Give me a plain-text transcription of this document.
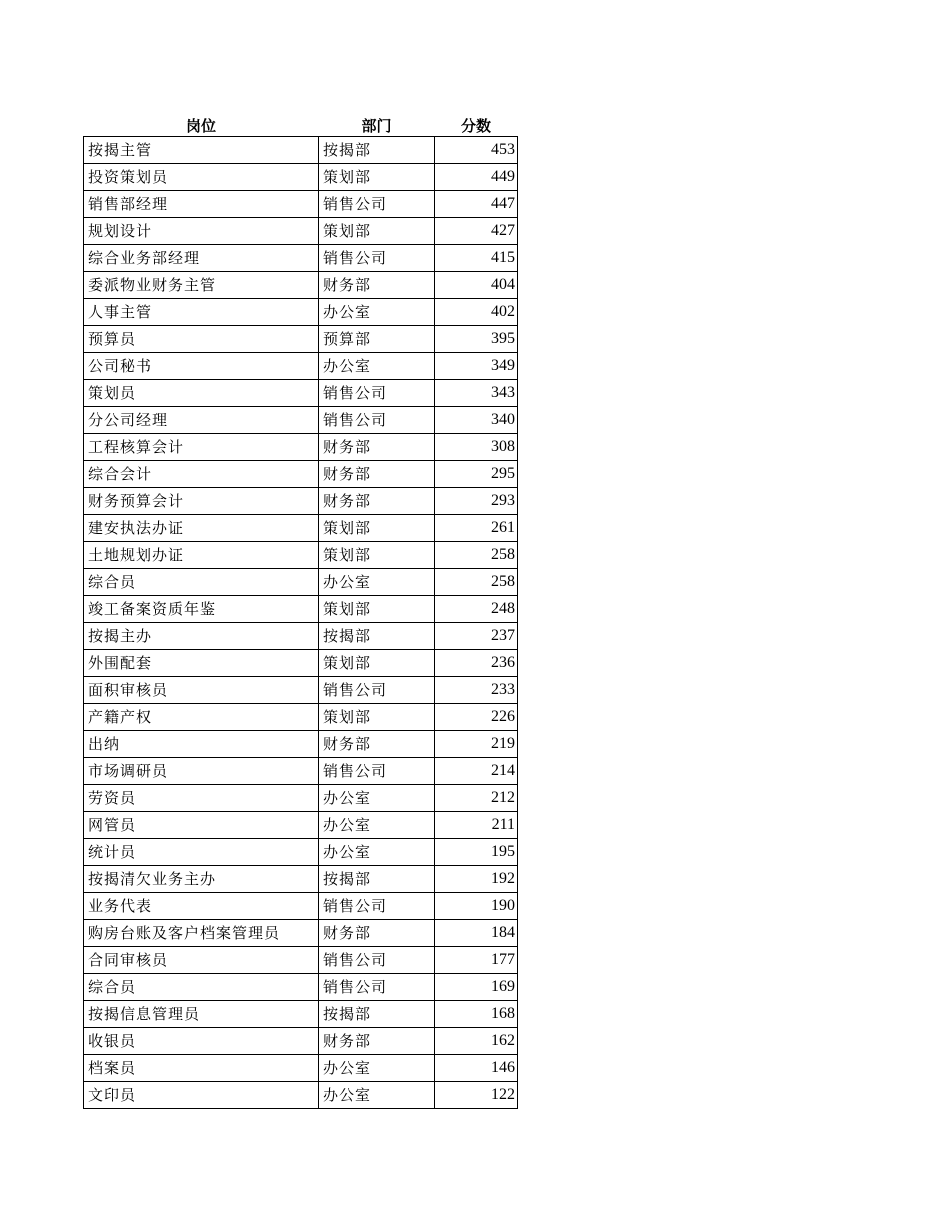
岗位	部门	分数
按揭主管	按揭部	453
投资策划员	策划部	449
销售部经理	销售公司	447
规划设计	策划部	427
综合业务部经理	销售公司	415
委派物业财务主管	财务部	404
人事主管	办公室	402
预算员	预算部	395
公司秘书	办公室	349
策划员	销售公司	343
分公司经理	销售公司	340
工程核算会计	财务部	308
综合会计	财务部	295
财务预算会计	财务部	293
建安执法办证	策划部	261
土地规划办证	策划部	258
综合员	办公室	258
竣工备案资质年鉴	策划部	248
按揭主办	按揭部	237
外围配套	策划部	236
面积审核员	销售公司	233
产籍产权	策划部	226
出纳	财务部	219
市场调研员	销售公司	214
劳资员	办公室	212
网管员	办公室	211
统计员	办公室	195
按揭清欠业务主办	按揭部	192
业务代表	销售公司	190
购房台账及客户档案管理员	财务部	184
合同审核员	销售公司	177
综合员	销售公司	169
按揭信息管理员	按揭部	168
收银员	财务部	162
档案员	办公室	146
文印员	办公室	122
